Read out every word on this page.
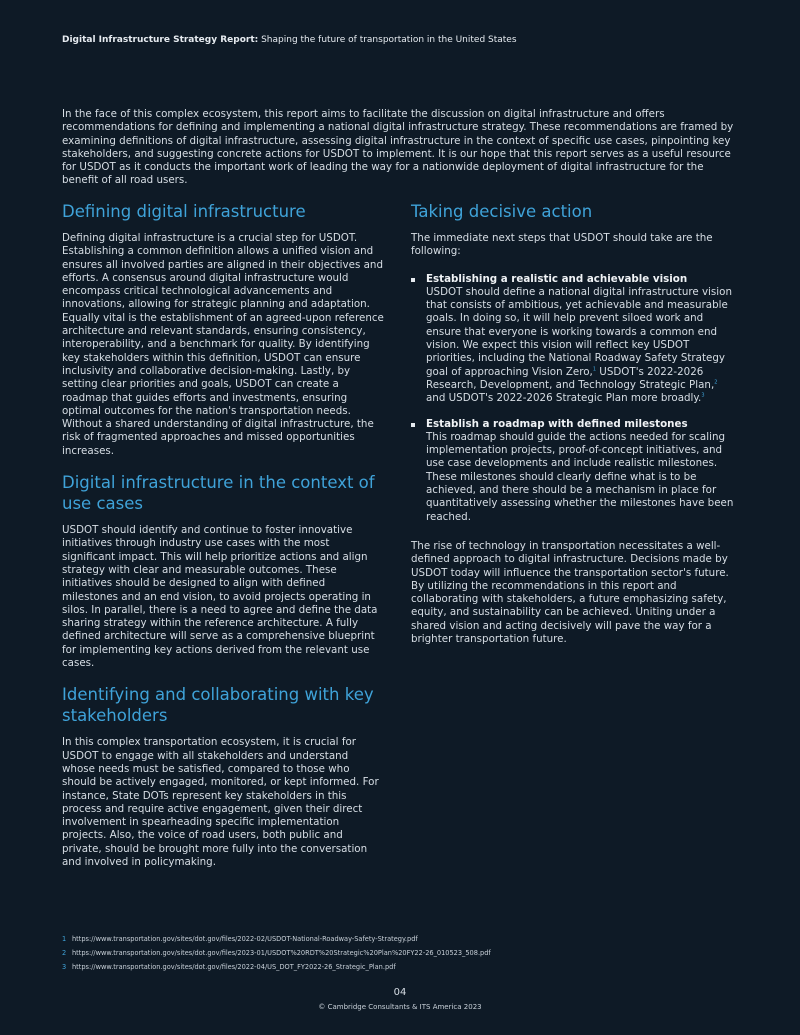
Digital Infrastructure Strategy Report: Shaping the future of transportation in the United States

In the face of this complex ecosystem, this report aims to facilitate the discussion on digital infrastructure and offers recommendations for defining and implementing a national digital infrastructure strategy. These recommendations are framed by examining definitions of digital infrastructure, assessing digital infrastructure in the context of specific use cases, pinpointing key stakeholders, and suggesting concrete actions for USDOT to implement. It is our hope that this report serves as a useful resource for USDOT as it conducts the important work of leading the way for a nationwide deployment of digital infrastructure for the benefit of all road users.

Defining digital infrastructure

Defining digital infrastructure is a crucial step for USDOT. Establishing a common definition allows a unified vision and ensures all involved parties are aligned in their objectives and efforts. A consensus around digital infrastructure would encompass critical technological advancements and innovations, allowing for strategic planning and adaptation. Equally vital is the establishment of an agreed-upon reference architecture and relevant standards, ensuring consistency, interoperability, and a benchmark for quality. By identifying key stakeholders within this definition, USDOT can ensure inclusivity and collaborative decision-making. Lastly, by setting clear priorities and goals, USDOT can create a roadmap that guides efforts and investments, ensuring optimal outcomes for the nation's transportation needs. Without a shared understanding of digital infrastructure, the risk of fragmented approaches and missed opportunities increases.

Digital infrastructure in the context of use cases

USDOT should identify and continue to foster innovative initiatives through industry use cases with the most significant impact. This will help prioritize actions and align strategy with clear and measurable outcomes. These initiatives should be designed to align with defined milestones and an end vision, to avoid projects operating in silos. In parallel, there is a need to agree and define the data sharing strategy within the reference architecture. A fully defined architecture will serve as a comprehensive blueprint for implementing key actions derived from the relevant use cases.

Identifying and collaborating with key stakeholders

In this complex transportation ecosystem, it is crucial for USDOT to engage with all stakeholders and understand whose needs must be satisfied, compared to those who should be actively engaged, monitored, or kept informed. For instance, State DOTs represent key stakeholders in this process and require active engagement, given their direct involvement in spearheading specific implementation projects. Also, the voice of road users, both public and private, should be brought more fully into the conversation and involved in policymaking.

Taking decisive action

The immediate next steps that USDOT should take are the following:

Establishing a realistic and achievable vision
USDOT should define a national digital infrastructure vision that consists of ambitious, yet achievable and measurable goals. In doing so, it will help prevent siloed work and ensure that everyone is working towards a common end vision. We expect this vision will reflect key USDOT priorities, including the National Roadway Safety Strategy goal of approaching Vision Zero,$^1$ USDOT's 2022-2026 Research, Development, and Technology Strategic Plan,$^2$ and USDOT's 2022-2026 Strategic Plan more broadly.$^3$
Establish a roadmap with defined milestones
This roadmap should guide the actions needed for scaling implementation projects, proof-of-concept initiatives, and use case developments and include realistic milestones. These milestones should clearly define what is to be achieved, and there should be a mechanism in place for quantitatively assessing whether the milestones have been reached.

The rise of technology in transportation necessitates a well-defined approach to digital infrastructure. Decisions made by USDOT today will influence the transportation sector's future. By utilizing the recommendations in this report and collaborating with stakeholders, a future emphasizing safety, equity, and sustainability can be achieved. Uniting under a shared vision and acting decisively will pave the way for a brighter transportation future.

1 https://www.transportation.gov/sites/dot.gov/files/2022-02/USDOT-National-Roadway-Safety-Strategy.pdf
2 https://www.transportation.gov/sites/dot.gov/files/2023-01/USDOT%20RDT%20Strategic%20Plan%20FY22-26_010523_508.pdf
3 https://www.transportation.gov/sites/dot.gov/files/2022-04/US_DOT_FY2022-26_Strategic_Plan.pdf
04
© Cambridge Consultants & ITS America 2023
